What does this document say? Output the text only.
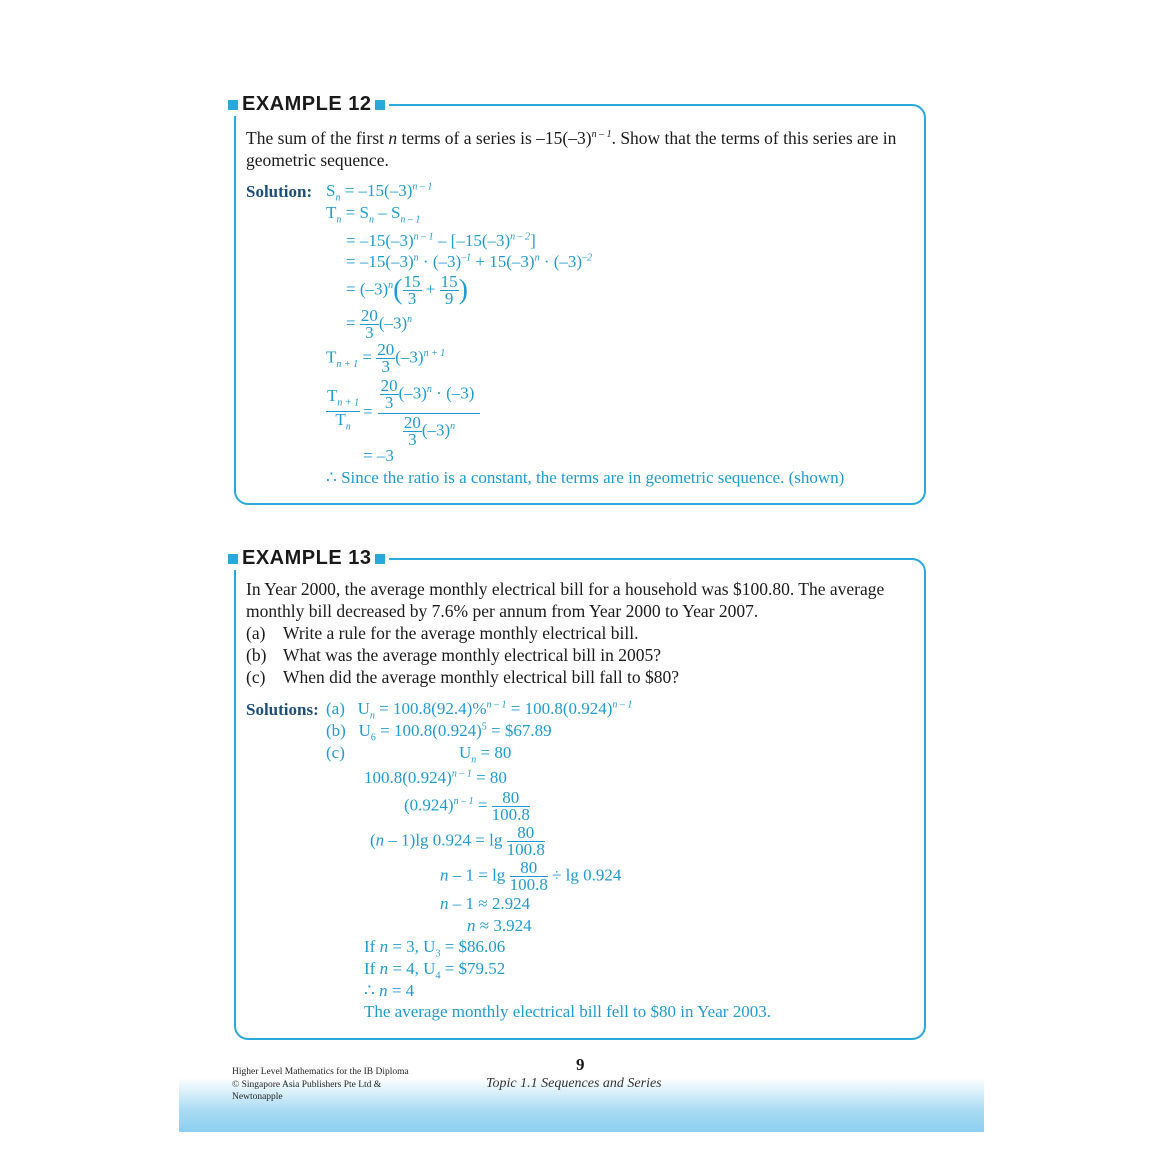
EXAMPLE 12
The sum of the first n terms of a series is $-15(-3)^{n - 1}$. Show that the terms of this series are in
geometric sequence.
Solution: $S_n = -15(-3)^{n - 1}$
$T_n = S_n - S_{n - 1}$
= $-15(-3)^{n - 1} - [-15(-3)^{n - 2}]$
= $-15(-3)^n \cdot (-3)^{-1} + 15(-3)^n \cdot (-3)^{-2}$
= $(-3)^n( \frac{15}{3} + \frac{15}{9}$ )
= $\frac{20}{3} (-3)^n$
$T_{n + 1} = \frac{20}{3} (-3)^{n + 1}$
$\frac{T_{n + 1}}{T_n}$ =
$\frac{20}{3} (-3)^n \cdot (-3)$
$\frac{20}{3} (-3)^n$
= –3
∴ Since the ratio is a constant, the terms are in geometric sequence. (shown)
EXAMPLE 13
In Year 2000, the average monthly electrical bill for a household was $100.80. The average
monthly bill decreased by 7.6% per annum from Year 2000 to Year 2007.
(a) Write a rule for the average monthly electrical bill.
(b) What was the average monthly electrical bill in 2005?
(c) When did the average monthly electrical bill fall to $80?
Solutions: (a)   $U_n = 100.8(92.4)\%^{n - 1} = 100.8(0.924)^{n - 1}$
(b)   $U_6 = 100.8(0.924)^5$ = $67.89
(c)	$U_n = 80$
$100.8(0.924)^{n - 1} = 80$
$(0.924)^{n - 1} = \frac{80}{100.8}$
(n – 1)lg $0.924 = \lg \frac{80}{100.8}$
$n - 1 = \lg \frac{80}{100.8} \div \lg 0.924$
n – 1 ≈ 2.924
n ≈ 3.924
If n = 3, $U_3$ = $86.06
If n = 4, $U_4$ = $79.52
∴ n = 4
The average monthly electrical bill fell to $80 in Year 2003.
Higher Level Mathematics for the IB Diploma
© Singapore Asia Publishers Pte Ltd &
Newtonapple
9
Topic 1.1 Sequences and Series
